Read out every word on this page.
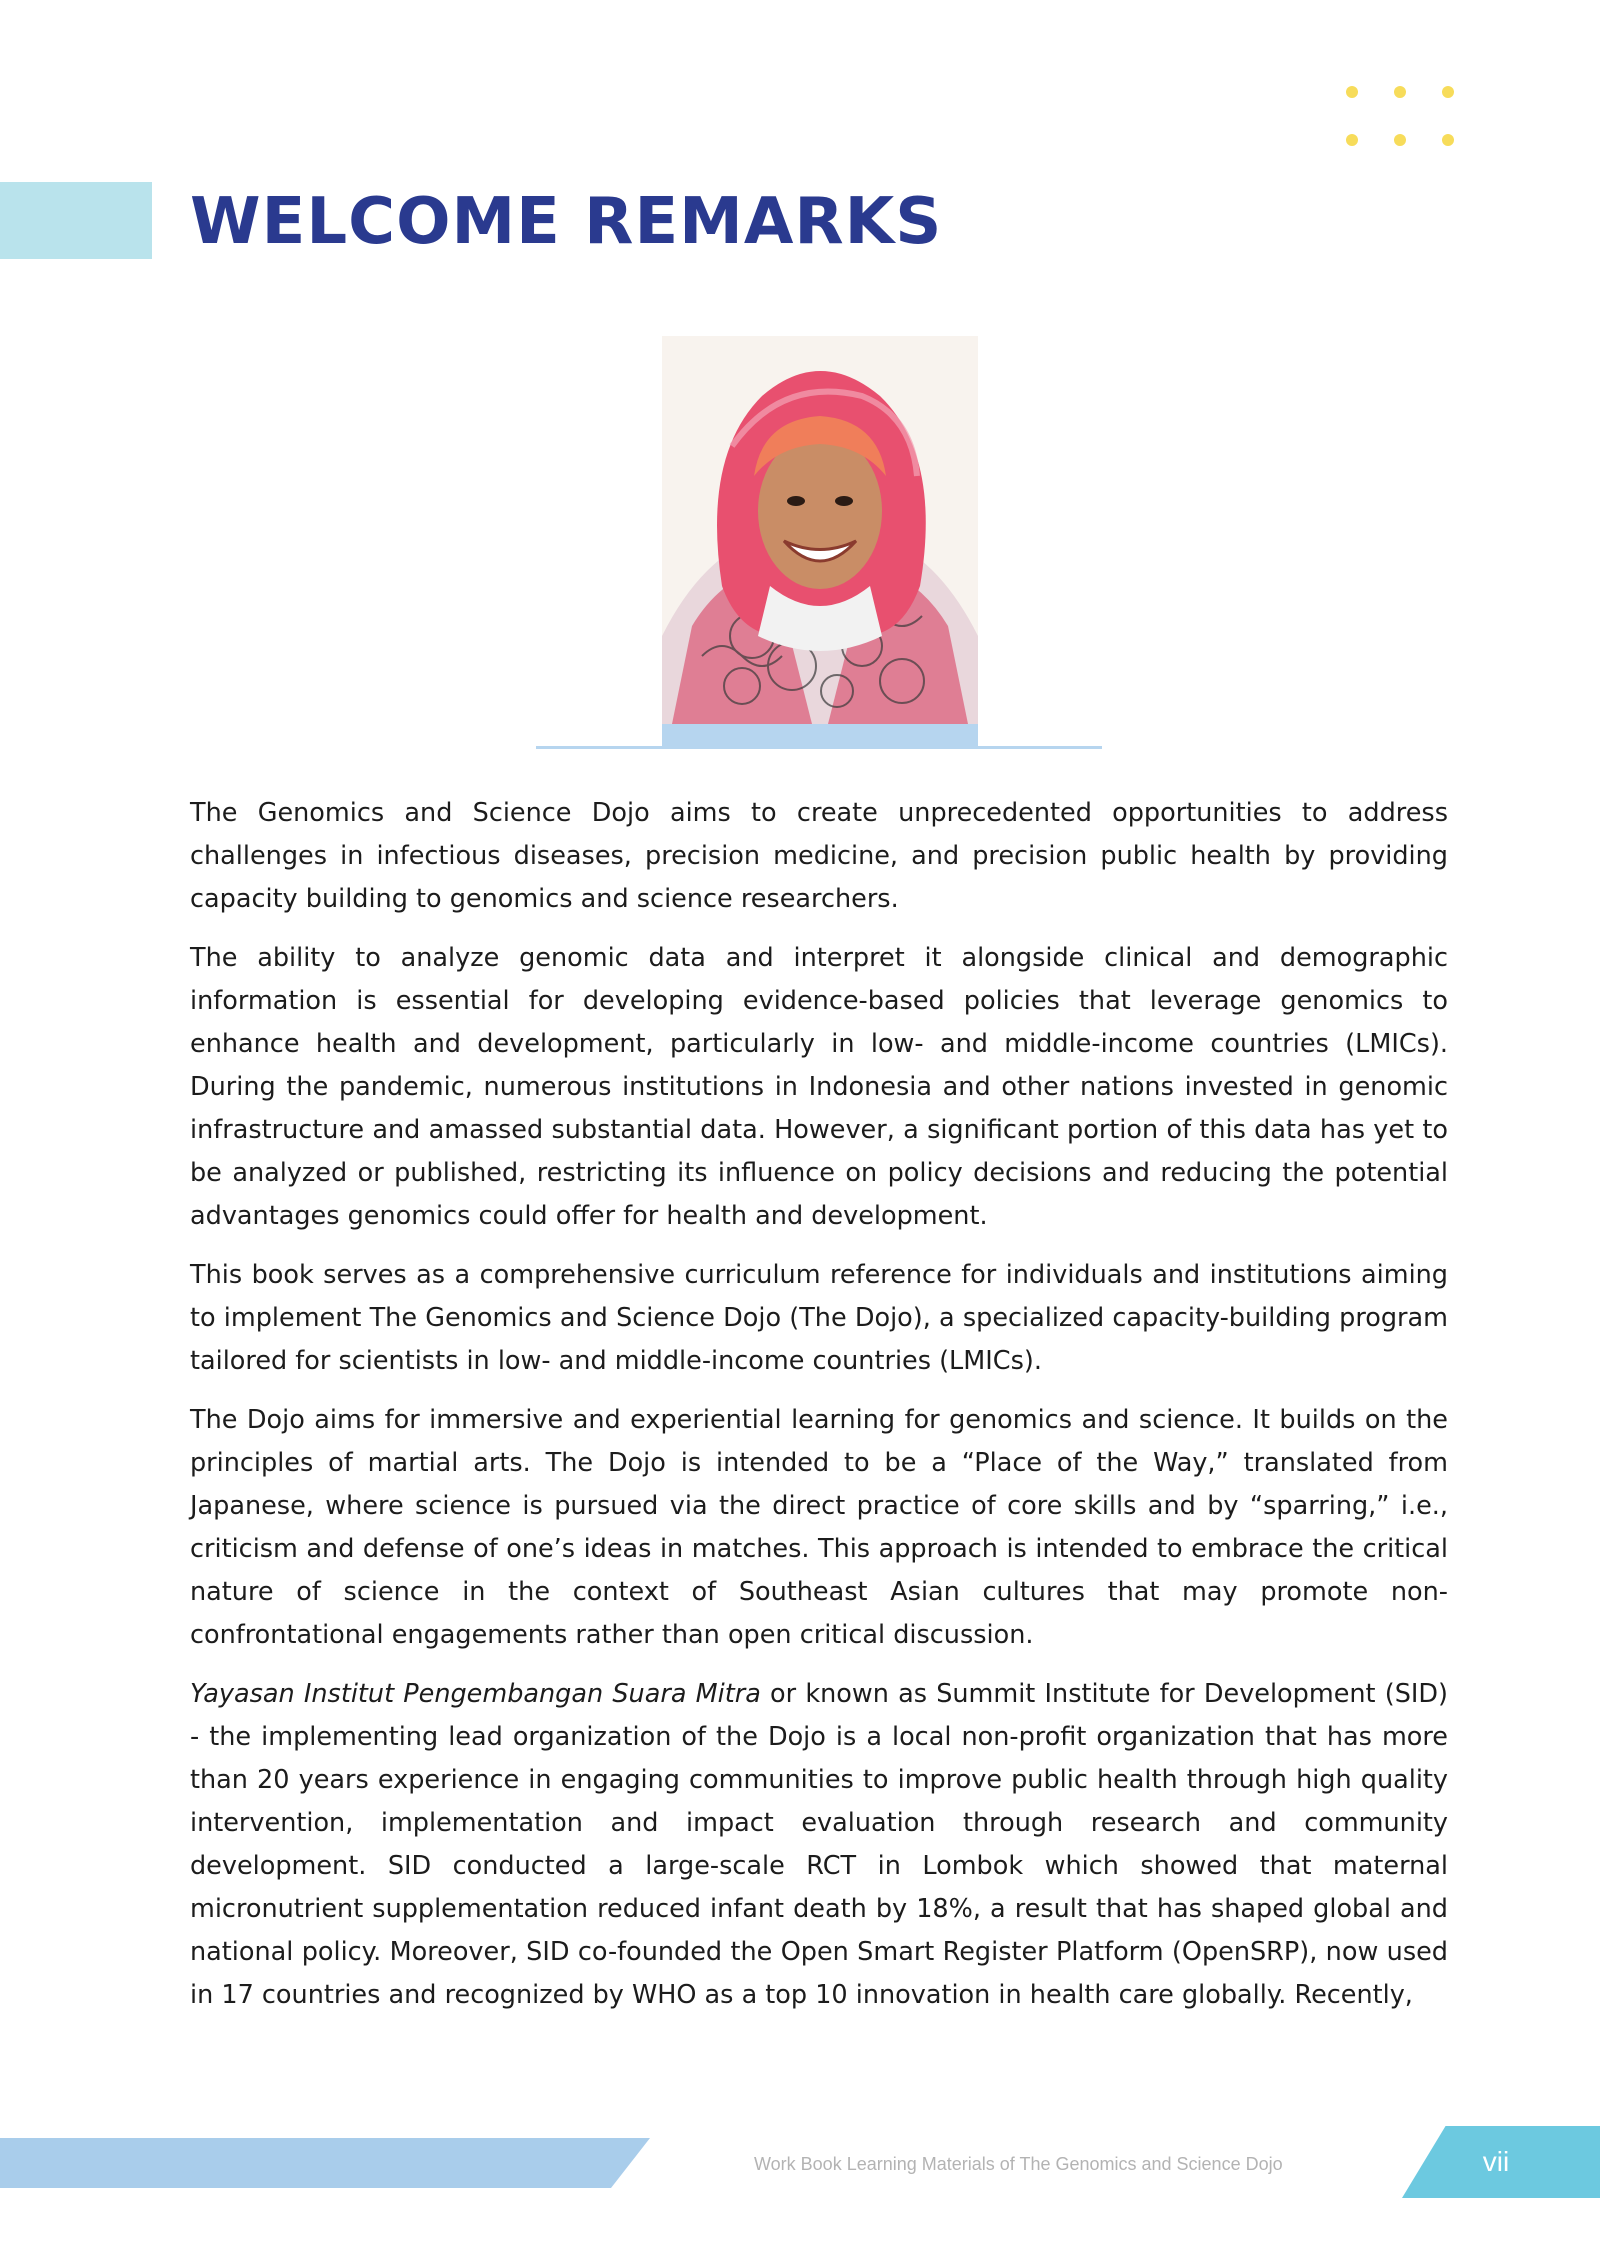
WELCOME REMARKS

The Genomics and Science Dojo aims to create unprecedented opportunities to address challenges in infectious diseases, precision medicine, and precision public health by providing capacity building to genomics and science researchers.

The ability to analyze genomic data and interpret it alongside clinical and demographic information is essential for developing evidence-based policies that leverage genomics to enhance health and development, particularly in low- and middle-income countries (LMICs). During the pandemic, numerous institutions in Indonesia and other nations invested in genomic infrastructure and amassed substantial data. However, a significant portion of this data has yet to be analyzed or published, restricting its influence on policy decisions and reducing the potential advantages genomics could offer for health and development.

This book serves as a comprehensive curriculum reference for individuals and institutions aiming to implement The Genomics and Science Dojo (The Dojo), a specialized capacity-building program tailored for scientists in low- and middle-income countries (LMICs).

The Dojo aims for immersive and experiential learning for genomics and science. It builds on the principles of martial arts. The Dojo is intended to be a “Place of the Way,” translated from Japanese, where science is pursued via the direct practice of core skills and by “sparring,” i.e., criticism and defense of one’s ideas in matches. This approach is intended to embrace the critical nature of science in the context of Southeast Asian cultures that may promote non-confrontational engagements rather than open critical discussion.

Yayasan Institut Pengembangan Suara Mitra or known as Summit Institute for Development (SID) - the implementing lead organization of the Dojo is a local non-profit organization that has more than 20 years experience in engaging communities to improve public health through high quality intervention, implementation and impact evaluation through research and community development. SID conducted a large-scale RCT in Lombok which showed that maternal micronutrient supplementation reduced infant death by 18%, a result that has shaped global and national policy. Moreover, SID co-founded the Open Smart Register Platform (OpenSRP), now used in 17 countries and recognized by WHO as a top 10 innovation in health care globally. Recently,

Work Book Learning Materials of The Genomics and Science Dojo	vii
